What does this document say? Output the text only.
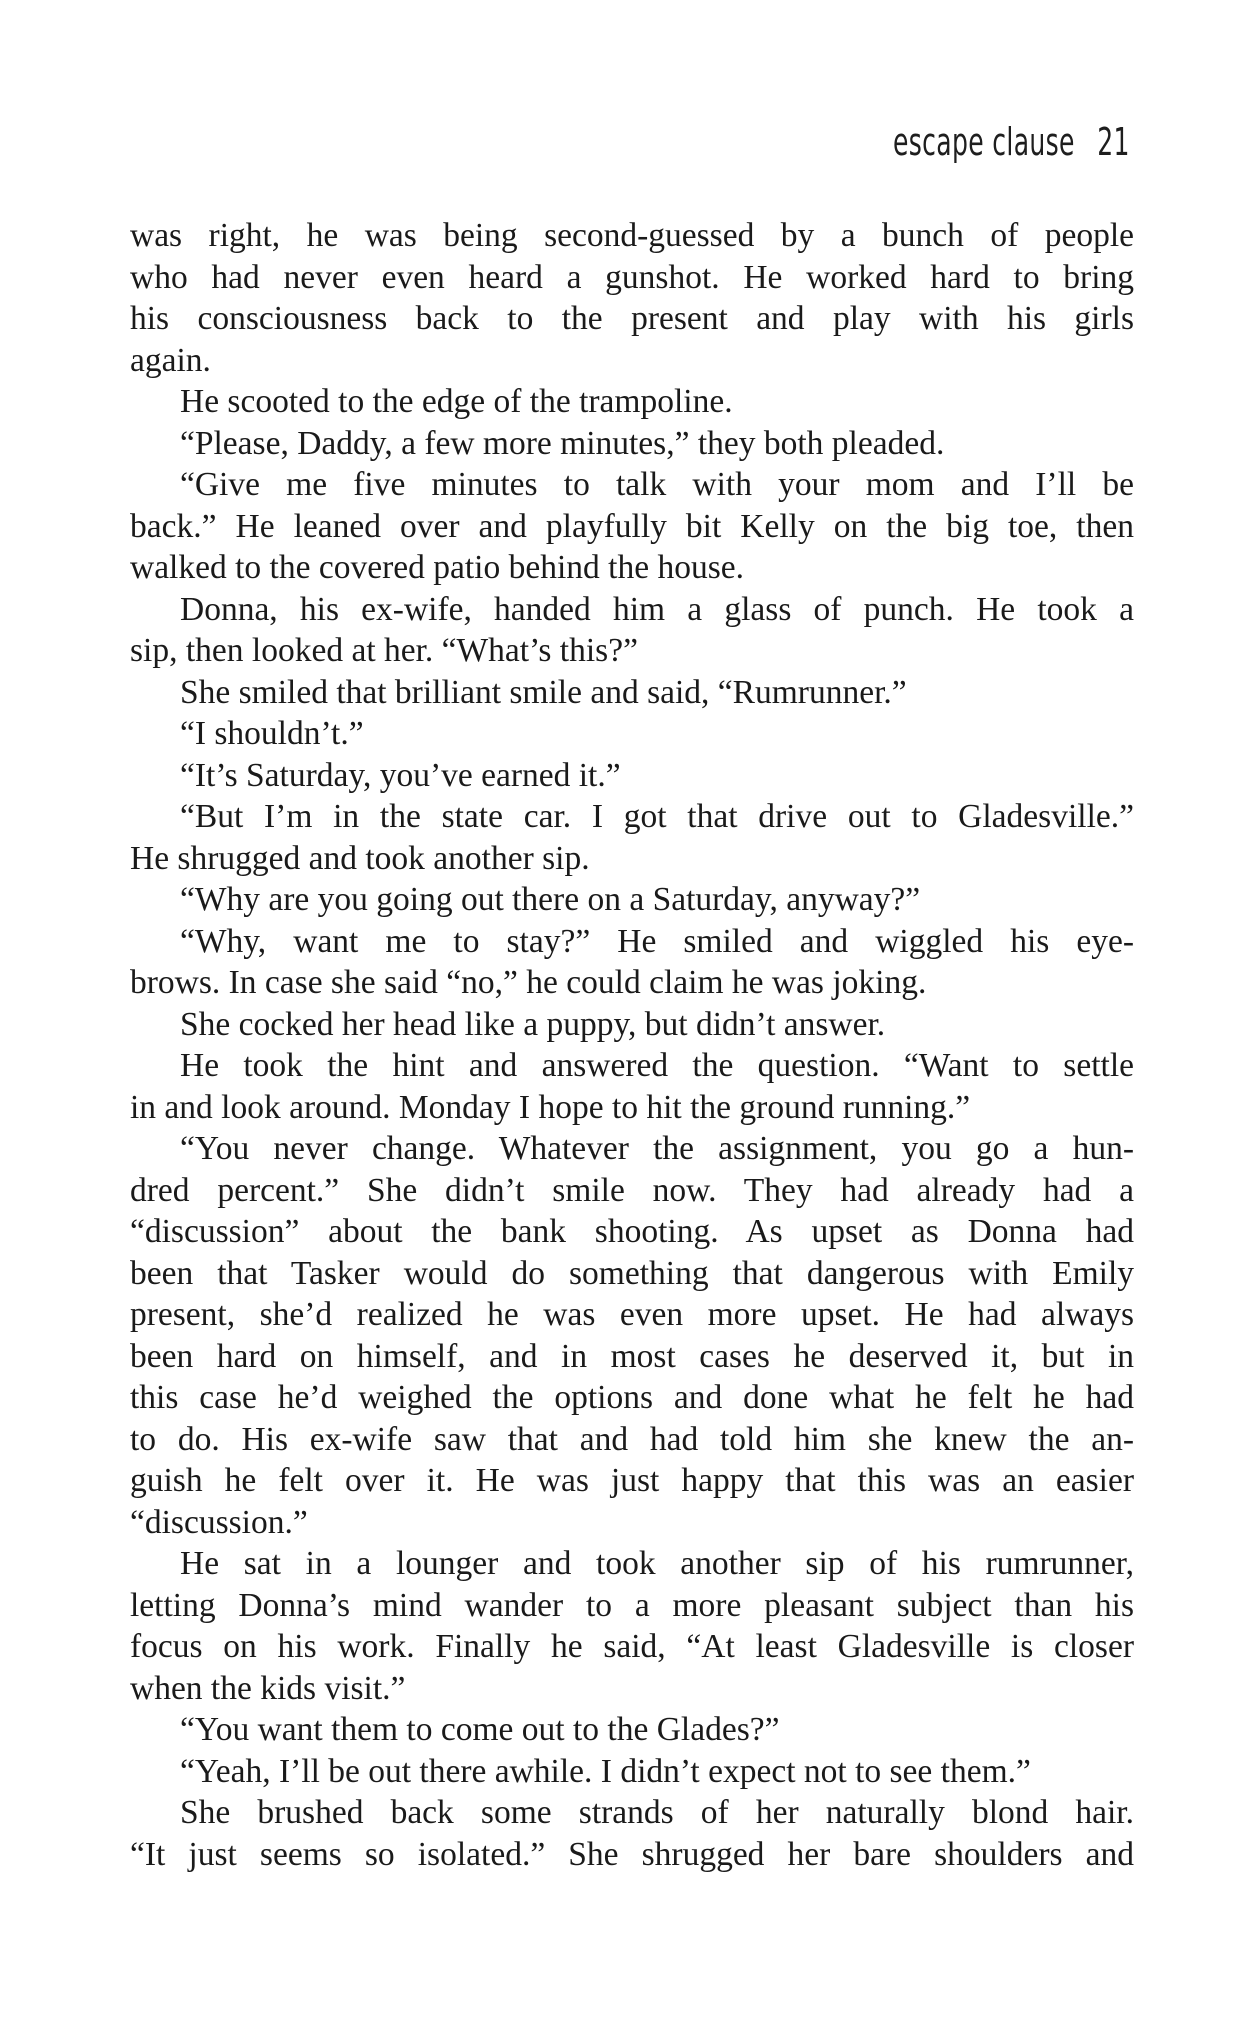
escape clause 21

was right, he was being second-guessed by a bunch of people

who had never even heard a gunshot. He worked hard to bring

his consciousness back to the present and play with his girls

again.

He scooted to the edge of the trampoline.

“Please, Daddy, a few more minutes,” they both pleaded.

“Give me five minutes to talk with your mom and I’ll be

back.” He leaned over and playfully bit Kelly on the big toe, then

walked to the covered patio behind the house.

Donna, his ex-wife, handed him a glass of punch. He took a

sip, then looked at her. “What’s this?”

She smiled that brilliant smile and said, “Rumrunner.”

“I shouldn’t.”

“It’s Saturday, you’ve earned it.”

“But I’m in the state car. I got that drive out to Gladesville.”

He shrugged and took another sip.

“Why are you going out there on a Saturday, anyway?”

“Why, want me to stay?” He smiled and wiggled his eye-

brows. In case she said “no,” he could claim he was joking.

She cocked her head like a puppy, but didn’t answer.

He took the hint and answered the question. “Want to settle

in and look around. Monday I hope to hit the ground running.”

“You never change. Whatever the assignment, you go a hun-

dred percent.” She didn’t smile now. They had already had a

“discussion” about the bank shooting. As upset as Donna had

been that Tasker would do something that dangerous with Emily

present, she’d realized he was even more upset. He had always

been hard on himself, and in most cases he deserved it, but in

this case he’d weighed the options and done what he felt he had

to do. His ex-wife saw that and had told him she knew the an-

guish he felt over it. He was just happy that this was an easier

“discussion.”

He sat in a lounger and took another sip of his rumrunner,

letting Donna’s mind wander to a more pleasant subject than his

focus on his work. Finally he said, “At least Gladesville is closer

when the kids visit.”

“You want them to come out to the Glades?”

“Yeah, I’ll be out there awhile. I didn’t expect not to see them.”

She brushed back some strands of her naturally blond hair.

“It just seems so isolated.” She shrugged her bare shoulders and
